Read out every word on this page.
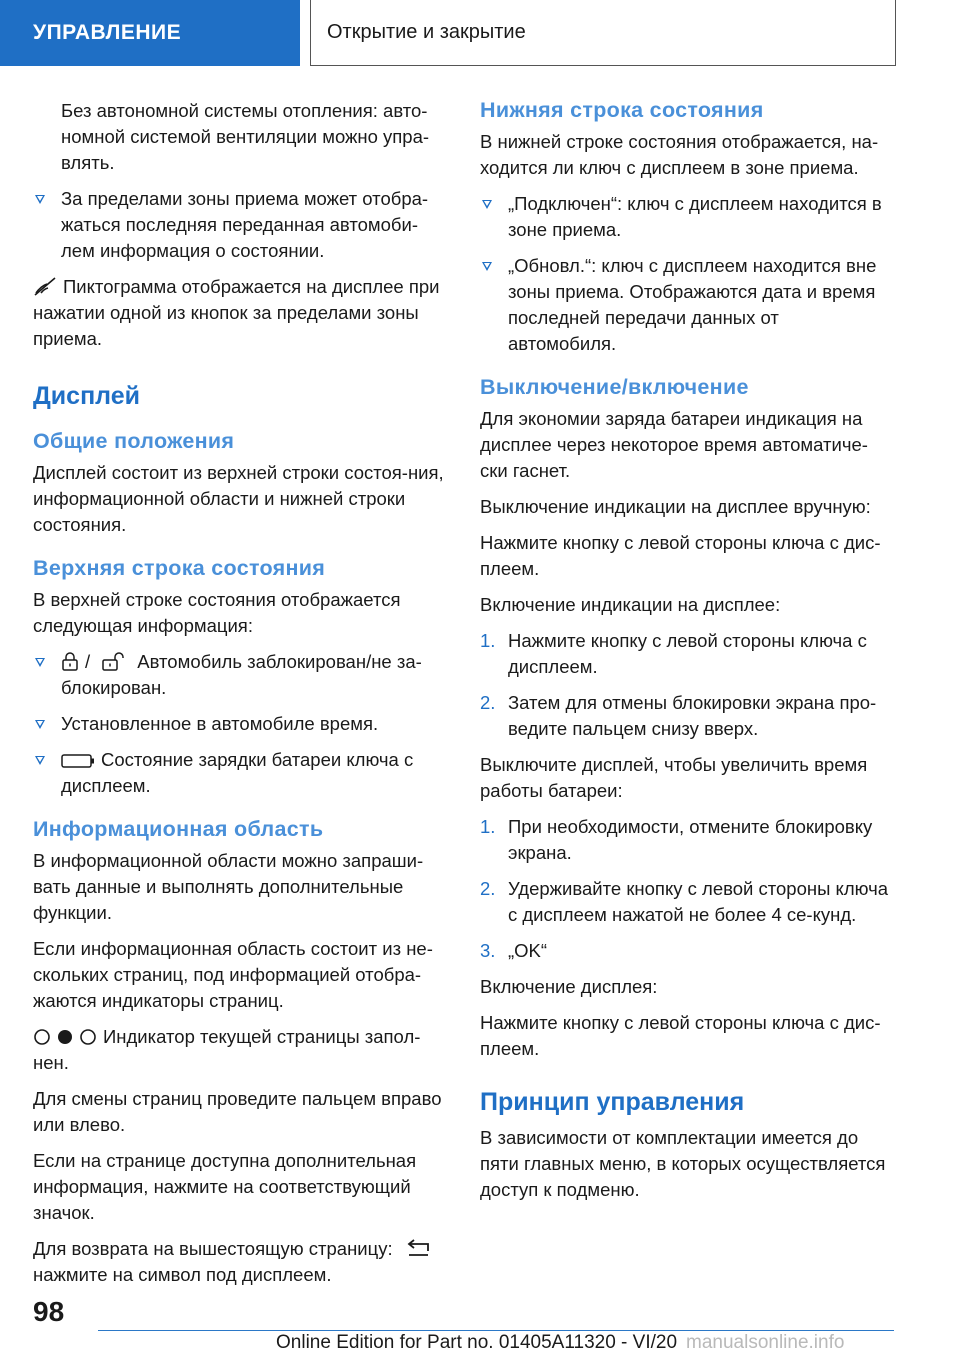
УПРАВЛЕНИЕ	Открытие и закрытие

Без автономной системы отопления: авто-номной системой вентиляции можно упра-влять.

За пределами зоны приема может отобра-жаться последняя переданная автомоби-лем информация о состоянии.

Пиктограмма отображается на дисплее при нажатии одной из кнопок за пределами зоны приема.

Дисплей
Общие положения

Дисплей состоит из верхней строки состоя-ния, информационной области и нижней строки состояния.

Верхняя строка состояния

В верхней строке состояния отображается следующая информация:

/	Автомобиль заблокирован/не за-блокирован.
Установленное в автомобиле время.
Состояние зарядки батареи ключа с дисплеем.
Информационная область

В информационной области можно запраши-вать данные и выполнять дополнительные функции.

Если информационная область состоит из не-скольких страниц, под информацией отобра-жаются индикаторы страниц.

Индикатор текущей страницы запол-нен.

Для смены страниц проведите пальцем вправо или влево.

Если на странице доступна дополнительная информация, нажмите на соответствующий значок.

Для возврата на вышестоящую страницу:
нажмите на символ под дисплеем.

Нижняя строка состояния

В нижней строке состояния отображается, на-ходится ли ключ с дисплеем в зоне приема.

„Подключен“: ключ с дисплеем находится в зоне приема.
„Обновл.“: ключ с дисплеем находится вне зоны приема. Отображаются дата и время последней передачи данных от автомобиля.
Выключение/включение

Для экономии заряда батареи индикация на дисплее через некоторое время автоматиче-ски гаснет.

Выключение индикации на дисплее вручную:

Нажмите кнопку с левой стороны ключа с дис-плеем.

Включение индикации на дисплее:

1. Нажмите кнопку с левой стороны ключа с дисплеем.
2. Затем для отмены блокировки экрана про-ведите пальцем снизу вверх.

Выключите дисплей, чтобы увеличить время работы батареи:

1. При необходимости, отмените блокировку экрана.
2. Удерживайте кнопку с левой стороны ключа с дисплеем нажатой не более 4 се-кунд.
3. „OK“

Включение дисплея:

Нажмите кнопку с левой стороны ключа с дис-плеем.

Принцип управления

В зависимости от комплектации имеется до пяти главных меню, в которых осуществляется доступ к подменю.

98
Online Edition for Part no. 01405A11320 - VI/20 manualsonline.info
